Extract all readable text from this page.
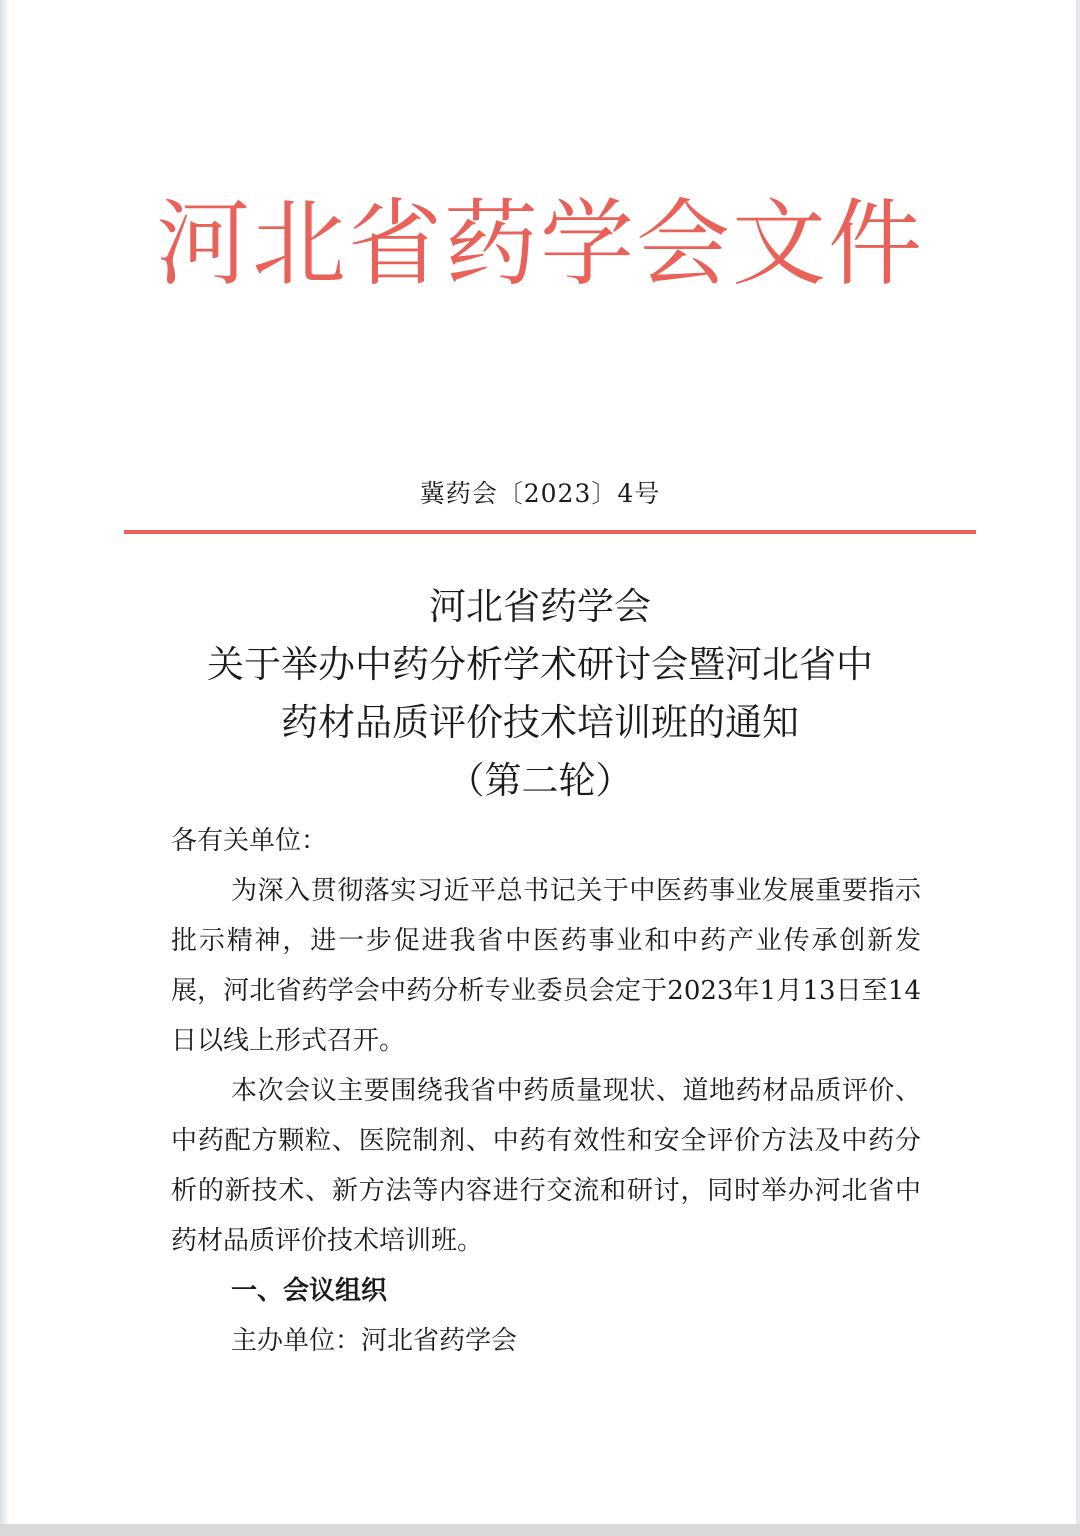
河北省药学会文件
冀药会〔2023〕4号
河北省药学会
关于举办中药分析学术研讨会暨河北省中
药材品质评价技术培训班的通知
（第二轮）

各有关单位：

为深入贯彻落实习近平总书记关于中医药事业发展重要指示批示精神，进一步促进我省中医药事业和中药产业传承创新发展，河北省药学会中药分析专业委员会定于2023年1月13日至14日以线上形式召开。

本次会议主要围绕我省中药质量现状、道地药材品质评价、中药配方颗粒、医院制剂、中药有效性和安全评价方法及中药分析的新技术、新方法等内容进行交流和研讨，同时举办河北省中药材品质评价技术培训班。

一、会议组织

主办单位：河北省药学会
